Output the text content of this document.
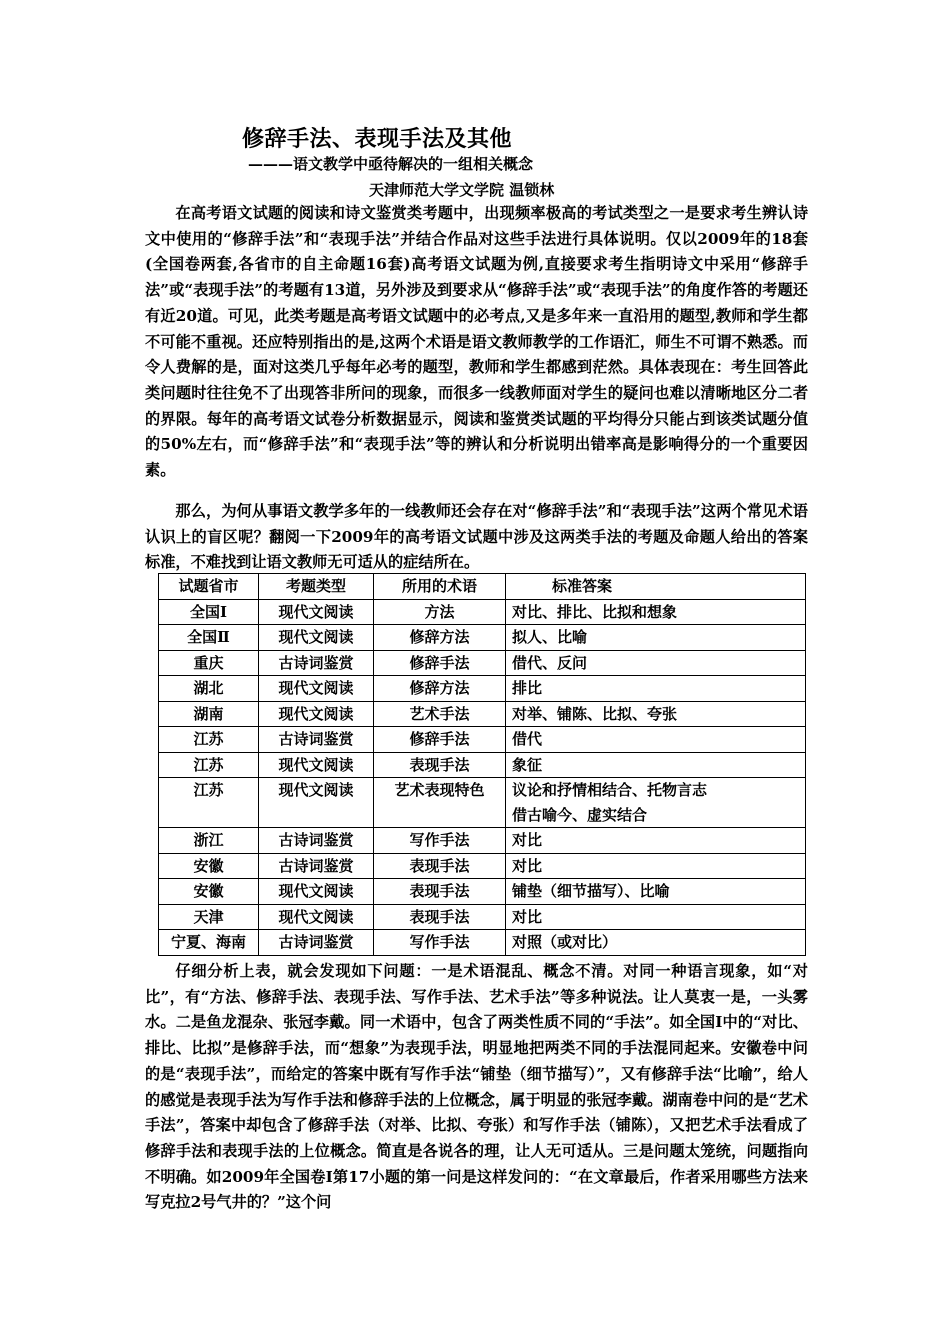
修辞手法、表现手法及其他
———语文教学中亟待解决的一组相关概念
天津师范大学文学院 温锁林

在高考语文试题的阅读和诗文鉴赏类考题中，出现频率极高的考试类型之一是要求考生辨认诗文中使用的“修辞手法”和“表现手法”并结合作品对这些手法进行具体说明。仅以2009年的18套(全国卷两套,各省市的自主命题16套)高考语文试题为例,直接要求考生指明诗文中采用“修辞手法”或“表现手法”的考题有13道，另外涉及到要求从“修辞手法”或“表现手法”的角度作答的考题还有近20道。可见，此类考题是高考语文试题中的必考点,又是多年来一直沿用的题型,教师和学生都不可能不重视。还应特别指出的是,这两个术语是语文教师教学的工作语汇，师生不可谓不熟悉。而令人费解的是，面对这类几乎每年必考的题型，教师和学生都感到茫然。具体表现在：考生回答此类问题时往往免不了出现答非所问的现象，而很多一线教师面对学生的疑问也难以清晰地区分二者的界限。每年的高考语文试卷分析数据显示，阅读和鉴赏类试题的平均得分只能占到该类试题分值的50%左右，而“修辞手法”和“表现手法”等的辨认和分析说明出错率高是影响得分的一个重要因素。

那么，为何从事语文教学多年的一线教师还会存在对“修辞手法”和“表现手法”这两个常见术语认识上的盲区呢？翻阅一下2009年的高考语文试题中涉及这两类手法的考题及命题人给出的答案标准，不难找到让语文教师无可适从的症结所在。

试题省市	考题类型	所用的术语	标准答案
全国Ⅰ	现代文阅读	方法	对比、排比、比拟和想象

全国Ⅱ	现代文阅读	修辞方法	拟人、比喻

重庆	古诗词鉴赏	修辞手法	借代、反问

湖北	现代文阅读	修辞方法	排比

湖南	现代文阅读	艺术手法	对举、铺陈、比拟、夸张

江苏	古诗词鉴赏	修辞手法	借代

江苏	现代文阅读	表现手法	象征

江苏	现代文阅读	艺术表现特色	议论和抒情相结合、托物言志
借古喻今、虚实结合

浙江	古诗词鉴赏	写作手法	对比

安徽	古诗词鉴赏	表现手法	对比

安徽	现代文阅读	表现手法	铺垫（细节描写）、比喻

天津	现代文阅读	表现手法	对比

宁夏、海南	古诗词鉴赏	写作手法	对照（或对比）

仔细分析上表，就会发现如下问题：一是术语混乱、概念不清。对同一种语言现象，如“对比”，有“方法、修辞手法、表现手法、写作手法、艺术手法”等多种说法。让人莫衷一是，一头雾水。二是鱼龙混杂、张冠李戴。同一术语中，包含了两类性质不同的“手法”。如全国Ⅰ中的“对比、排比、比拟”是修辞手法，而“想象”为表现手法，明显地把两类不同的手法混同起来。安徽卷中问的是“表现手法”，而给定的答案中既有写作手法“铺垫（细节描写）”，又有修辞手法“比喻”，给人的感觉是表现手法为写作手法和修辞手法的上位概念，属于明显的张冠李戴。湖南卷中问的是“艺术手法”，答案中却包含了修辞手法（对举、比拟、夸张）和写作手法（铺陈），又把艺术手法看成了修辞手法和表现手法的上位概念。简直是各说各的理，让人无可适从。三是问题太笼统，问题指向不明确。如2009年全国卷Ⅰ第17小题的第一问是这样发问的：“在文章最后，作者采用哪些方法来写克拉2号气井的？”这个问
